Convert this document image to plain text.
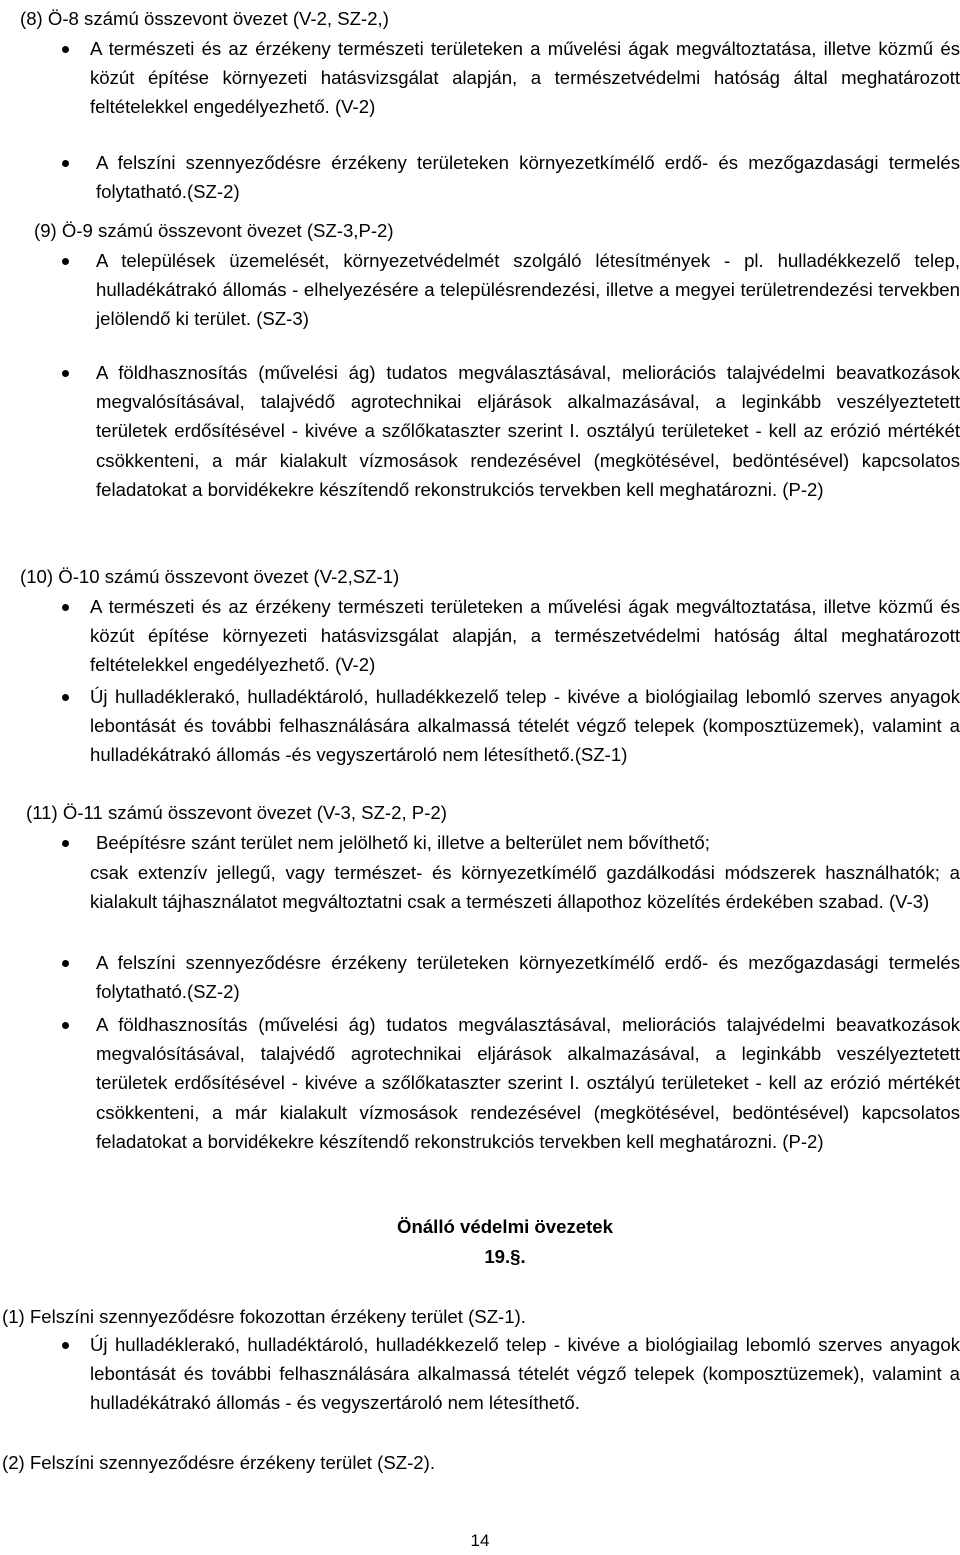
(8) Ö-8 számú összevont övezet (V-2, SZ-2,)
A természeti és az érzékeny természeti területeken a művelési ágak megváltoztatása, illetve közmű és közút építése környezeti hatásvizsgálat alapján, a természetvédelmi hatóság által meghatározott feltételekkel engedélyezhető. (V-2)
A felszíni szennyeződésre érzékeny területeken környezetkímélő erdő- és mezőgazdasági termelés folytatható.(SZ-2)
(9) Ö-9 számú összevont övezet (SZ-3,P-2)
A települések üzemelését, környezetvédelmét szolgáló létesítmények - pl. hulladékkezelő telep, hulladékátrakó állomás - elhelyezésére a településrendezési, illetve a megyei területrendezési tervekben jelölendő ki terület. (SZ-3)
A földhasznosítás (művelési ág) tudatos megválasztásával, meliorációs talajvédelmi beavatkozások megvalósításával, talajvédő agrotechnikai eljárások alkalmazásával, a leginkább veszélyeztetett területek erdősítésével - kivéve a szőlőkataszter szerint I. osztályú területeket - kell az erózió mértékét csökkenteni, a már kialakult vízmosások rendezésével (megkötésével, bedöntésével) kapcsolatos feladatokat a borvidékekre készítendő rekonstrukciós tervekben kell meghatározni. (P-2)
(10) Ö-10 számú összevont övezet (V-2,SZ-1)
A természeti és az érzékeny természeti területeken a művelési ágak megváltoztatása, illetve közmű és közút építése környezeti hatásvizsgálat alapján, a természetvédelmi hatóság által meghatározott feltételekkel engedélyezhető. (V-2)
Új hulladéklerakó, hulladéktároló, hulladékkezelő telep - kivéve a biológiailag lebomló szerves anyagok lebontását és további felhasználására alkalmassá tételét végző telepek (komposztüzemek), valamint a hulladékátrakó állomás -és vegyszertároló nem létesíthető.(SZ-1)
(11) Ö-11 számú összevont övezet (V-3, SZ-2, P-2)
Beépítésre szánt terület nem jelölhető ki, illetve a belterület nem bővíthető;
csak extenzív jellegű, vagy természet- és környezetkímélő gazdálkodási módszerek használhatók; a kialakult tájhasználatot megváltoztatni csak a természeti állapothoz közelítés érdekében szabad. (V-3)
A felszíni szennyeződésre érzékeny területeken környezetkímélő erdő- és mezőgazdasági termelés folytatható.(SZ-2)
A földhasznosítás (művelési ág) tudatos megválasztásával, meliorációs talajvédelmi beavatkozások megvalósításával, talajvédő agrotechnikai eljárások alkalmazásával, a leginkább veszélyeztetett területek erdősítésével - kivéve a szőlőkataszter szerint I. osztályú területeket - kell az erózió mértékét csökkenteni, a már kialakult vízmosások rendezésével (megkötésével, bedöntésével) kapcsolatos feladatokat a borvidékekre készítendő rekonstrukciós tervekben kell meghatározni. (P-2)
Önálló védelmi övezetek
19.§.
(1) Felszíni szennyeződésre fokozottan érzékeny terület (SZ-1).
Új hulladéklerakó, hulladéktároló, hulladékkezelő telep - kivéve a biológiailag lebomló szerves anyagok lebontását és további felhasználására alkalmassá tételét végző telepek (komposztüzemek), valamint a hulladékátrakó állomás - és vegyszertároló nem létesíthető.
(2) Felszíni szennyeződésre érzékeny terület (SZ-2).
14
